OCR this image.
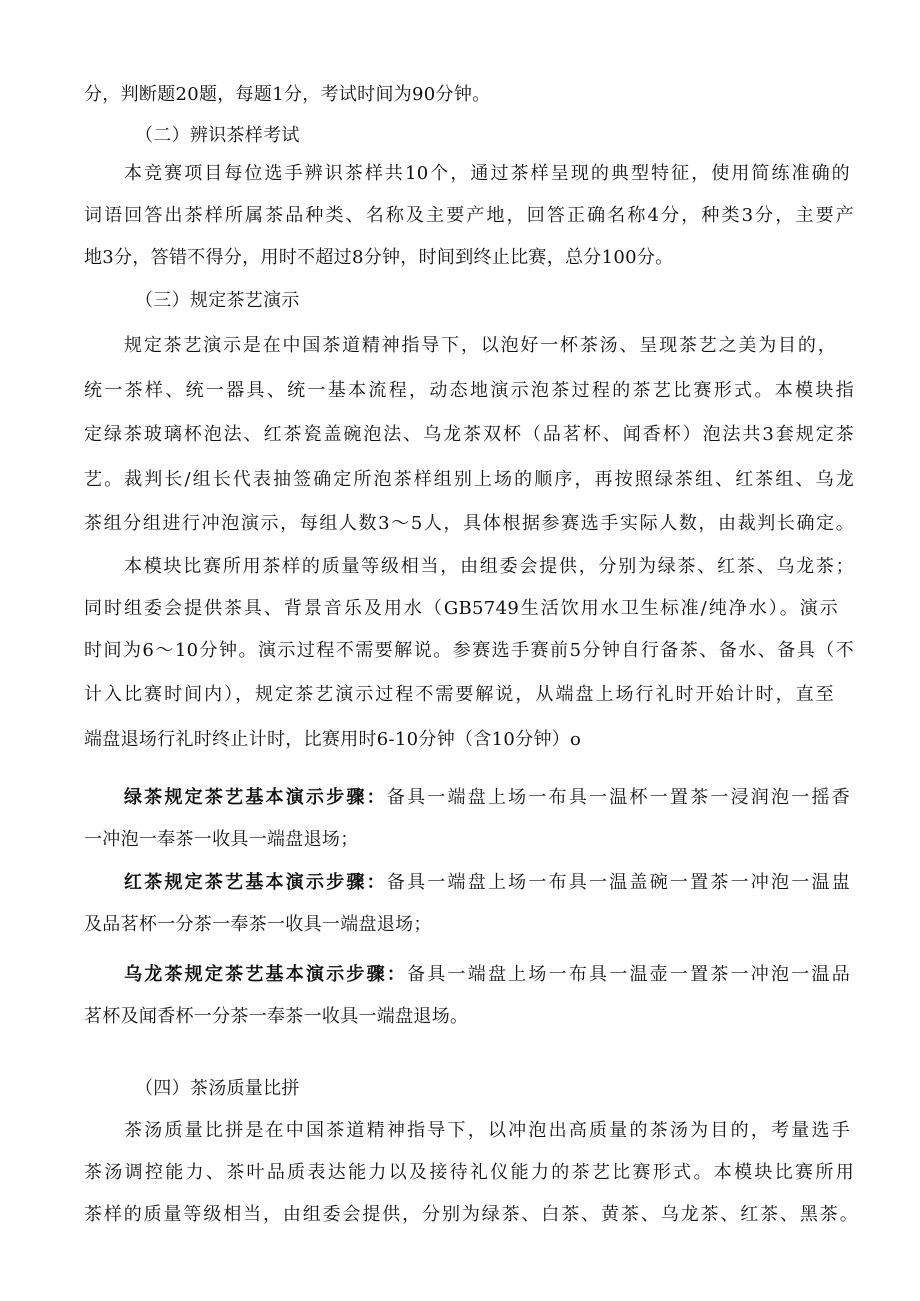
分，判断题20题，每题1分，考试时间为90分钟。
（二）辨识茶样考试
本竞赛项目每位选手辨识茶样共10个，通过茶样呈现的典型特征，使用简练准确的
词语回答出茶样所属茶品种类、名称及主要产地，回答正确名称4分，种类3分，主要产
地3分，答错不得分，用时不超过8分钟，时间到终止比赛，总分100分。
（三）规定茶艺演示
规定茶艺演示是在中国茶道精神指导下，以泡好一杯茶汤、呈现茶艺之美为目的，
统一茶样、统一器具、统一基本流程，动态地演示泡茶过程的茶艺比赛形式。本模块指
定绿茶玻璃杯泡法、红茶瓷盖碗泡法、乌龙茶双杯（品茗杯、闻香杯）泡法共3套规定茶
艺。裁判长/组长代表抽签确定所泡茶样组别上场的顺序，再按照绿茶组、红茶组、乌龙
茶组分组进行冲泡演示，每组人数3～5人，具体根据参赛选手实际人数，由裁判长确定。
本模块比赛所用茶样的质量等级相当，由组委会提供，分别为绿茶、红茶、乌龙茶；
同时组委会提供茶具、背景音乐及用水（GB5749生活饮用水卫生标准/纯净水）。演示
时间为6～10分钟。演示过程不需要解说。参赛选手赛前5分钟自行备茶、备水、备具（不
计入比赛时间内），规定茶艺演示过程不需要解说，从端盘上场行礼时开始计时，直至
端盘退场行礼时终止计时，比赛用时6-10分钟（含10分钟）o
绿茶规定茶艺基本演示步骤：备具一端盘上场一布具一温杯一置茶一浸润泡一摇香
一冲泡一奉茶一收具一端盘退场；
红茶规定茶艺基本演示步骤：备具一端盘上场一布具一温盖碗一置茶一冲泡一温盅
及品茗杯一分茶一奉茶一收具一端盘退场；
乌龙茶规定茶艺基本演示步骤：备具一端盘上场一布具一温壶一置茶一冲泡一温品
茗杯及闻香杯一分茶一奉茶一收具一端盘退场。
（四）茶汤质量比拼
茶汤质量比拼是在中国茶道精神指导下，以冲泡出高质量的茶汤为目的，考量选手
茶汤调控能力、茶叶品质表达能力以及接待礼仪能力的茶艺比赛形式。本模块比赛所用
茶样的质量等级相当，由组委会提供，分别为绿茶、白茶、黄茶、乌龙茶、红茶、黑茶。
